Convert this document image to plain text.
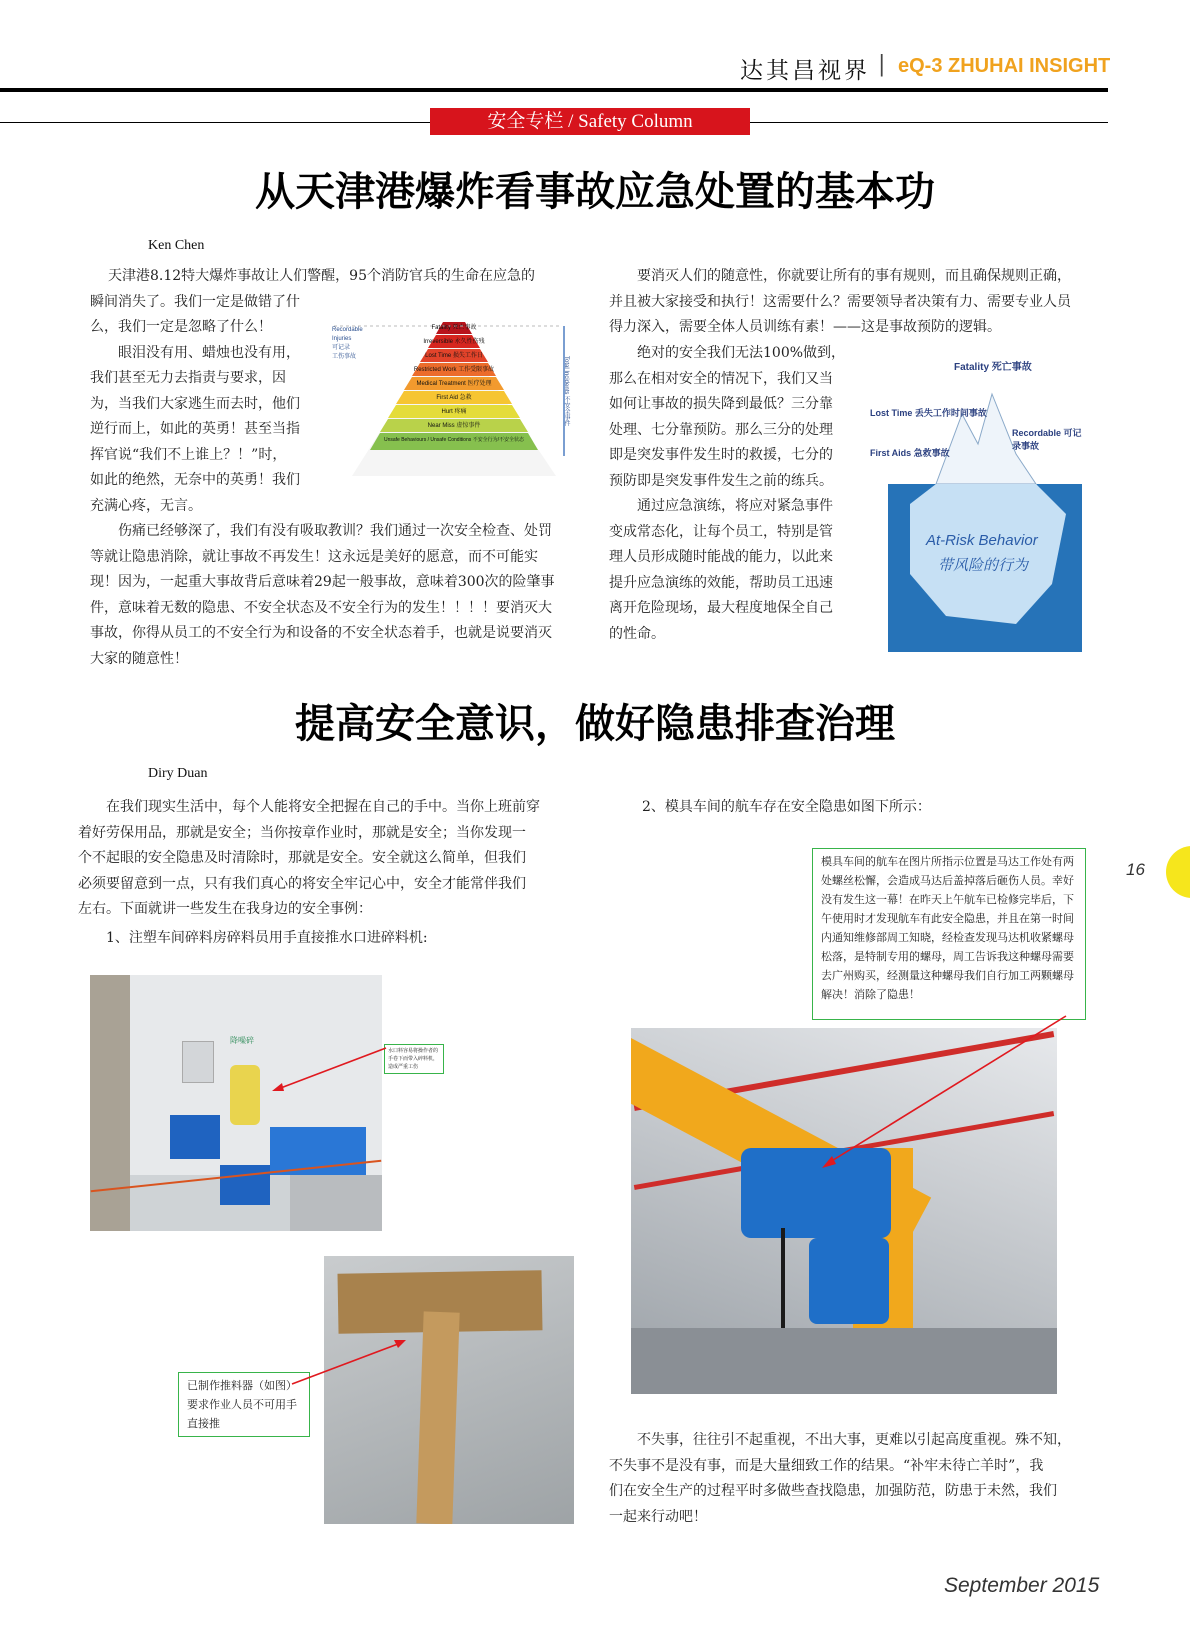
达其昌视界 | eQ-3 ZHUHAI INSIGHT
安全专栏 / Safety Column
从天津港爆炸看事故应急处置的基本功
Ken Chen
天津港8.12特大爆炸事故让人们警醒，95个消防官兵的生命在应急的
瞬间消失了。我们一定是做错了什
么，我们一定是忽略了什么！
眼泪没有用、蜡烛也没有用，
我们甚至无力去指责与要求，因
为，当我们大家逃生而去时，他们
逆行而上，如此的英勇！甚至当指
挥官说“我们不上谁上？！”时，
如此的绝然，无奈中的英勇！我们
充满心疼，无言。
伤痛已经够深了，我们有没有吸取教训？我们通过一次安全检查、处罚
等就让隐患消除，就让事故不再发生！这永远是美好的愿意，而不可能实
现！因为，一起重大事故背后意味着29起一般事故，意味着300次的险肇事
件，意味着无数的隐患、不安全状态及不安全行为的发生！！！！要消灭大
事故，你得从员工的不安全行为和设备的不安全状态着手，也就是说要消灭
大家的随意性！
Recordable Injuries
可记录
工伤事故	Total Incidents 不安全事件
Fatality 死亡事故
Irreversible 永久性伤残
Lost Time 损失工作日
Restricted Work 工作受限事故
Medical Treatment 医疗处理
First Aid 急救
Hurt 疼痛
Near Miss 虚惊事件
Unsafe Behaviours / Unsafe Conditions 不安全行为/不安全状态
要消灭人们的随意性，你就要让所有的事有规则，而且确保规则正确，
并且被大家接受和执行！这需要什么？需要领导者决策有力、需要专业人员
得力深入，需要全体人员训练有素！——这是事故预防的逻辑。
绝对的安全我们无法100%做到，
那么在相对安全的情况下，我们又当
如何让事故的损失降到最低？三分靠
处理、七分靠预防。那么三分的处理
即是突发事件发生时的救援，七分的
预防即是突发事件发生之前的练兵。
通过应急演练，将应对紧急事件
变成常态化，让每个员工，特别是管
理人员形成随时能战的能力，以此来
提升应急演练的效能，帮助员工迅速
离开危险现场，最大程度地保全自己
的性命。
Fatality 死亡事故
Lost Time 丢失工作时间事故
Recordable 可记录事故
First Aids 急救事故
At-Risk Behavior
带风险的行为
提高安全意识，做好隐患排查治理
Diry Duan
在我们现实生活中，每个人能将安全把握在自己的手中。当你上班前穿
着好劳保用品，那就是安全；当你按章作业时，那就是安全；当你发现一
个不起眼的安全隐患及时清除时，那就是安全。安全就这么简单，但我们
必须要留意到一点，只有我们真心的将安全牢记心中，安全才能常伴我们
左右。下面就讲一些发生在我身边的安全事例：
1、注塑车间碎料房碎料员用手直接推水口进碎料机:
降噪碎
水口料容易将操作者的手卷下而带入碎料机，造成严重工伤
已制作推料器（如图）要求作业人员不可用手直接推
2、模具车间的航车存在安全隐患如图下所示：
模具车间的航车在图片所指示位置是马达工作处有两处螺丝松懈，会造成马达后盖掉落后砸伤人员。幸好没有发生这一幕！在昨天上午航车已检修完毕后，下午使用时才发现航车有此安全隐患，并且在第一时间内通知维修部周工知晓，经检查发现马达机收紧螺母松落，是特制专用的螺母，周工告诉我这种螺母需要去广州购买，经测量这种螺母我们自行加工两颗螺母解决！消除了隐患！
不失事，往往引不起重视，不出大事，更难以引起高度重视。殊不知，
不失事不是没有事，而是大量细致工作的结果。“补牢未待亡羊时”，我
们在安全生产的过程平时多做些查找隐患，加强防范，防患于未然，我们
一起来行动吧！
16
September 2015
